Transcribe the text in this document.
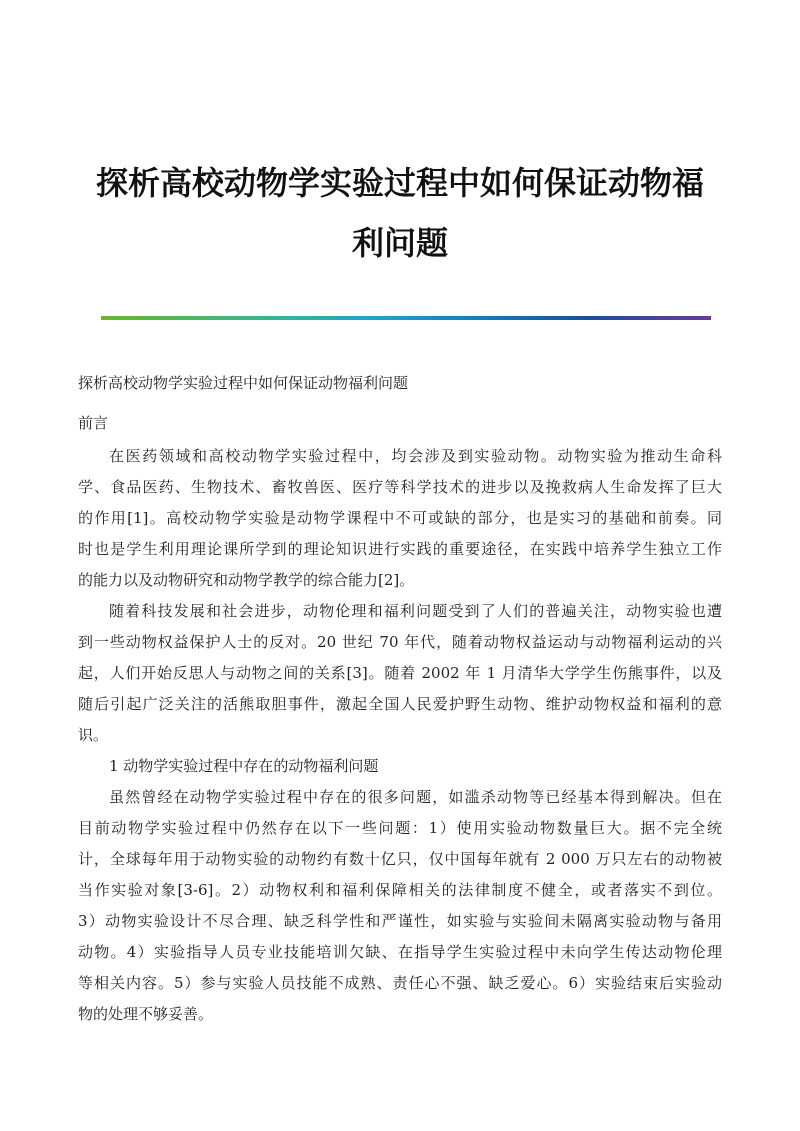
探析高校动物学实验过程中如何保证动物福
利问题
探析高校动物学实验过程中如何保证动物福利问题
前言
在医药领域和高校动物学实验过程中，均会涉及到实验动物。动物实验为推动生命科
学、食品医药、生物技术、畜牧兽医、医疗等科学技术的进步以及挽救病人生命发挥了巨大
的作用[1]。高校动物学实验是动物学课程中不可或缺的部分，也是实习的基础和前奏。同
时也是学生利用理论课所学到的理论知识进行实践的重要途径，在实践中培养学生独立工作
的能力以及动物研究和动物学教学的综合能力[2]。
随着科技发展和社会进步，动物伦理和福利问题受到了人们的普遍关注，动物实验也遭
到一些动物权益保护人士的反对。20 世纪 70 年代，随着动物权益运动与动物福利运动的兴
起，人们开始反思人与动物之间的关系[3]。随着 2002 年 1 月清华大学学生伤熊事件，以及
随后引起广泛关注的活熊取胆事件，激起全国人民爱护野生动物、维护动物权益和福利的意
识。
1 动物学实验过程中存在的动物福利问题
虽然曾经在动物学实验过程中存在的很多问题，如滥杀动物等已经基本得到解决。但在
目前动物学实验过程中仍然存在以下一些问题：1）使用实验动物数量巨大。据不完全统
计，全球每年用于动物实验的动物约有数十亿只，仅中国每年就有 2 000 万只左右的动物被
当作实验对象[3-6]。2）动物权利和福利保障相关的法律制度不健全，或者落实不到位。
3）动物实验设计不尽合理、缺乏科学性和严谨性，如实验与实验间未隔离实验动物与备用
动物。4）实验指导人员专业技能培训欠缺、在指导学生实验过程中未向学生传达动物伦理
等相关内容。5）参与实验人员技能不成熟、责任心不强、缺乏爱心。6）实验结束后实验动
物的处理不够妥善。
